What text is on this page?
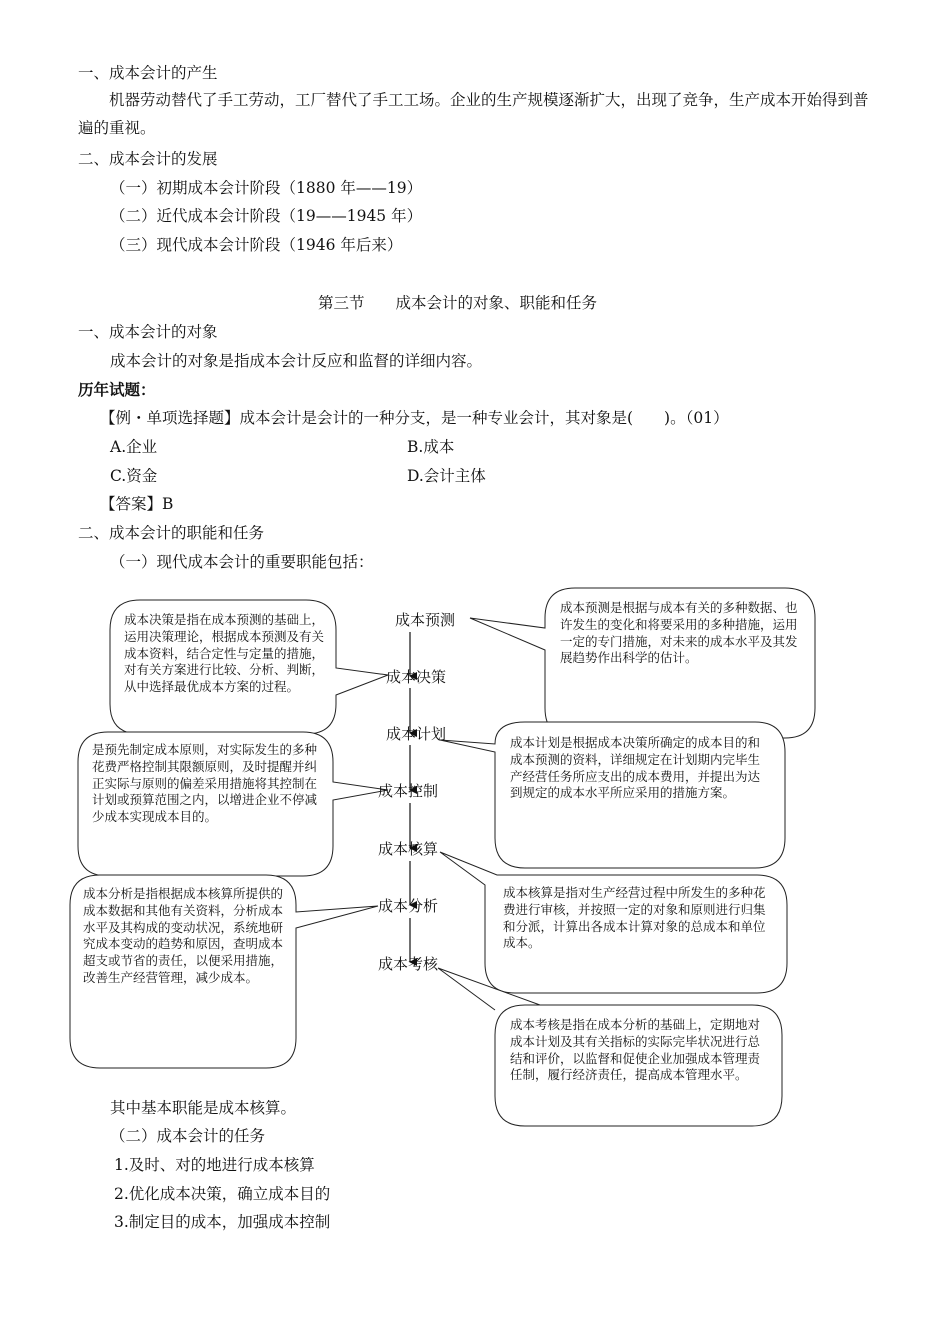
一、成本会计的产生
机器劳动替代了手工劳动，工厂替代了手工工场。企业的生产规模逐渐扩大，出现了竞争，生产成本开始得到普遍的重视。
二、成本会计的发展
（一）初期成本会计阶段（1880 年——19）
（二）近代成本会计阶段（19——1945 年）
（三）现代成本会计阶段（1946 年后来）
第三节　　成本会计的对象、职能和任务
一、成本会计的对象
成本会计的对象是指成本会计反应和监督的详细内容。
历年试题：
【例・单项选择题】成本会计是会计的一种分支，是一种专业会计，其对象是(　　)。（01）
A.企业	B.成本
C.资金	D.会计主体
【答案】B
二、成本会计的职能和任务
（一）现代成本会计的重要职能包括：
成本预测
成本决策
成本计划
成本控制
成本核算
成本分析
成本考核
成本决策是指在成本预测的基础上，运用决策理论，根据成本预测及有关成本资料，结合定性与定量的措施，对有关方案进行比较、分析、判断，从中选择最优成本方案的过程。
成本预测是根据与成本有关的多种数据、也许发生的变化和将要采用的多种措施，运用一定的专门措施，对未来的成本水平及其发展趋势作出科学的估计。
是预先制定成本原则，对实际发生的多种花费严格控制其限额原则，及时提醒并纠正实际与原则的偏差采用措施将其控制在计划或预算范围之内，以增进企业不停减少成本实现成本目的。
成本计划是根据成本决策所确定的成本目的和成本预测的资料，详细规定在计划期内完毕生产经营任务所应支出的成本费用，并提出为达到规定的成本水平所应采用的措施方案。
成本分析是指根据成本核算所提供的成本数据和其他有关资料，分析成本水平及其构成的变动状况，系统地研究成本变动的趋势和原因，查明成本超支或节省的责任，以便采用措施，改善生产经营管理，减少成本。
成本核算是指对生产经营过程中所发生的多种花费进行审核，并按照一定的对象和原则进行归集和分派，计算出各成本计算对象的总成本和单位成本。
成本考核是指在成本分析的基础上，定期地对成本计划及其有关指标的实际完毕状况进行总结和评价，以监督和促使企业加强成本管理责任制，履行经济责任，提高成本管理水平。
其中基本职能是成本核算。
（二）成本会计的任务
1.及时、对的地进行成本核算
2.优化成本决策，确立成本目的
3.制定目的成本，加强成本控制
